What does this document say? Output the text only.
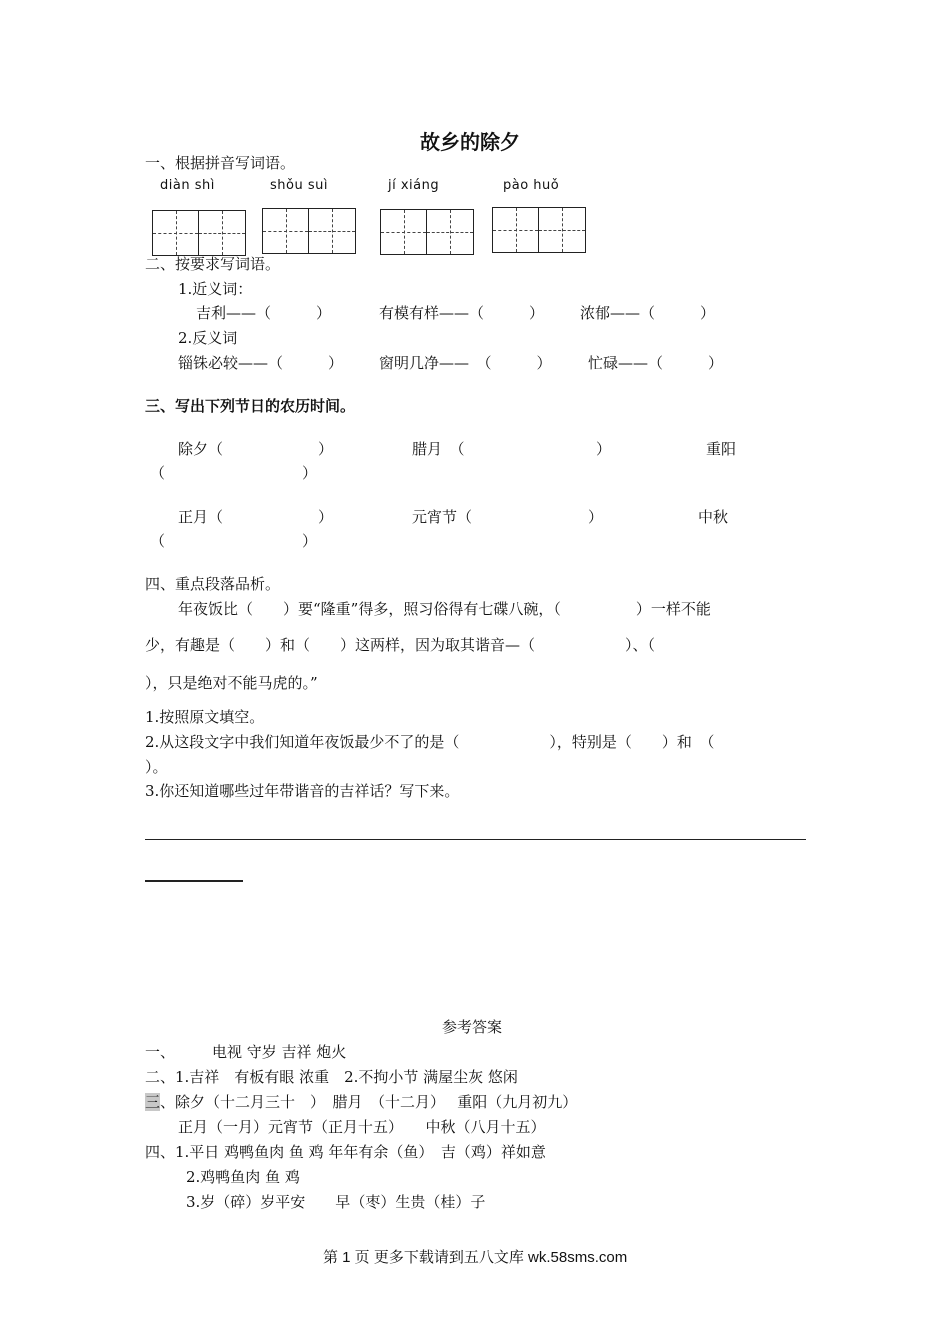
故乡的除夕
一、根据拼音写词语。
diàn shì	shǒu suì	jí xiáng	pào huǒ
二、按要求写词语。
1.近义词：
吉利——（　　　）	有模有样——（　　　） 浓郁——（　　　）
2.反义词
锱铢必较——（　　　） 窗明几净——　（　　　） 忙碌——（　　　）
三、写出下列节日的农历时间。
除夕（	）	腊月　（	）	重阳
（	）
正月（	）	元宵节（	）	中秋
（	）
四、重点段落品析。
年夜饭比（　　）要“隆重”得多，照习俗得有七碟八碗，（　　　　　）一样不能
少，有趣是（　　）和（　　）这两样，因为取其谐音—（　　　　　　）、（
），只是绝对不能马虎的。”
1.按照原文填空。
2.从这段文字中我们知道年夜饭最少不了的是（　　　　　　），特别是（　　）和　（
）。
3.你还知道哪些过年带谐音的吉祥话？写下来。
参考答案
一、 电视 守岁 吉祥 炮火
二、1.吉祥　有板有眼 浓重　2.不拘小节 满屋尘灰 悠闲
三、除夕（十二月三十　）　腊月　（十二月）　 重阳（九月初九）
正月（一月）元宵节（正月十五）　　中秋（八月十五）
四、1.平日 鸡鸭鱼肉 鱼 鸡 年年有余（鱼）　吉（鸡）祥如意
2.鸡鸭鱼肉 鱼 鸡
3.岁（碎）岁平安　　早（枣）生贵（桂）子
第 1 页 更多下载请到五八文库 wk.58sms.com
